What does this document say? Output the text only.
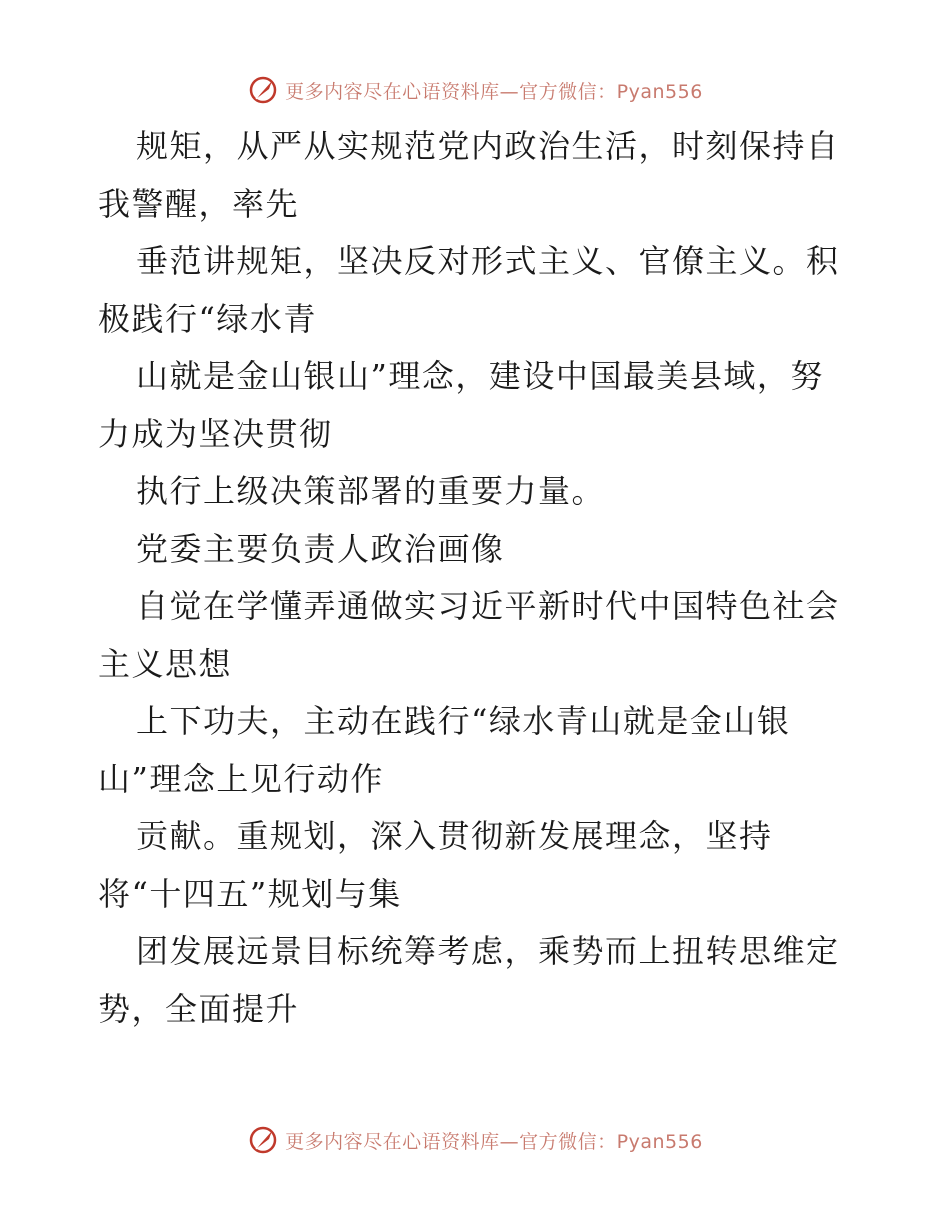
更多内容尽在心语资料库—官方微信：Pyan556

规矩，从严从实规范党内政治生活，时刻保持自
我警醒，率先

垂范讲规矩，坚决反对形式主义、官僚主义。积
极践行“绿水青

山就是金山银山”理念，建设中国最美县域，努
力成为坚决贯彻

执行上级决策部署的重要力量。

党委主要负责人政治画像

自觉在学懂弄通做实习近平新时代中国特色社会
主义思想

上下功夫，主动在践行“绿水青山就是金山银
山”理念上见行动作

贡献。重规划，深入贯彻新发展理念，坚持
将“十四五”规划与集

团发展远景目标统筹考虑，乘势而上扭转思维定
势，全面提升

更多内容尽在心语资料库—官方微信：Pyan556
